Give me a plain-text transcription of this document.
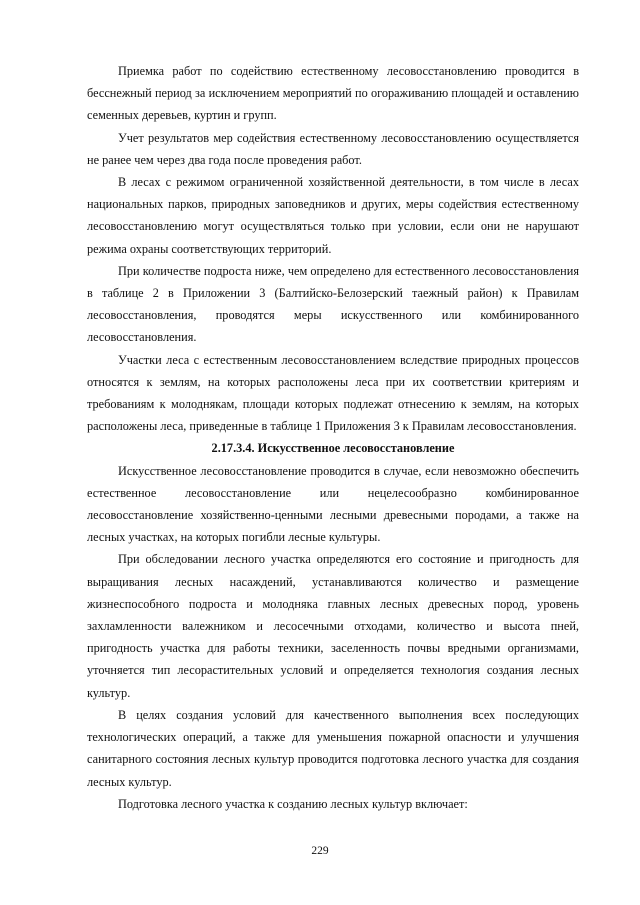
Приемка работ по содействию естественному лесовосстановлению проводится в бесснежный период за исключением мероприятий по огораживанию площадей и оставлению семенных деревьев, куртин и групп.

Учет результатов мер содействия естественному лесовосстановлению осуществляется не ранее чем через два года после проведения работ.

В лесах с режимом ограниченной хозяйственной деятельности, в том числе в лесах национальных парков, природных заповедников и других, меры содействия естественному лесовосстановлению могут осуществляться только при условии, если они не нарушают режима охраны соответствующих территорий.

При количестве подроста ниже, чем определено для естественного лесовосстановления в таблице 2 в Приложении 3 (Балтийско-Белозерский таежный район) к Правилам лесовосстановления, проводятся меры искусственного или комбинированного лесовосстановления.

Участки леса с естественным лесовосстановлением вследствие природных процессов относятся к землям, на которых расположены леса при их соответствии критериям и требованиям к молоднякам, площади которых подлежат отнесению к землям, на которых расположены леса, приведенные в таблице 1 Приложения 3 к Правилам лесовосстановления.

2.17.3.4. Искусственное лесовосстановление

Искусственное лесовосстановление проводится в случае, если невозможно обеспечить естественное лесовосстановление или нецелесообразно комбинированное лесовосстановление хозяйственно-ценными лесными древесными породами, а также на лесных участках, на которых погибли лесные культуры.

При обследовании лесного участка определяются его состояние и пригодность для выращивания лесных насаждений, устанавливаются количество и размещение жизнеспособного подроста и молодняка главных лесных древесных пород, уровень захламленности валежником и лесосечными отходами, количество и высота пней, пригодность участка для работы техники, заселенность почвы вредными организмами, уточняется тип лесорастительных условий и определяется технология создания лесных культур.

В целях создания условий для качественного выполнения всех последующих технологических операций, а также для уменьшения пожарной опасности и улучшения санитарного состояния лесных культур проводится подготовка лесного участка для создания лесных культур.

Подготовка лесного участка к созданию лесных культур включает:

229
